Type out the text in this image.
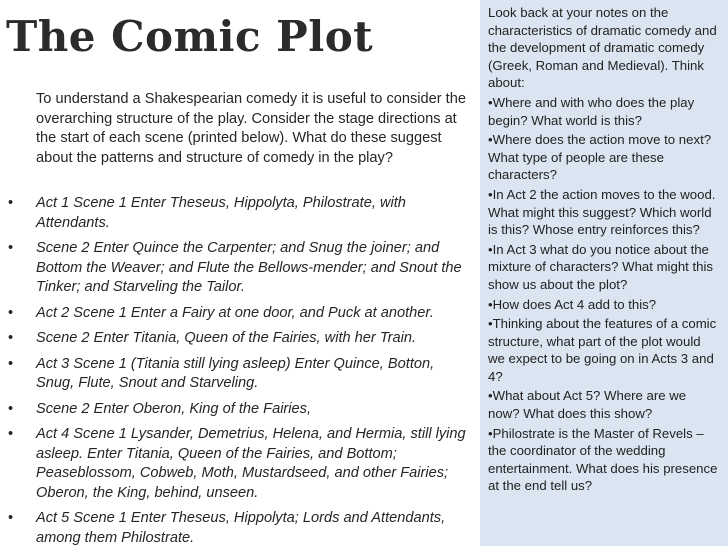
The Comic Plot

To understand a Shakespearian comedy it is useful to consider the overarching structure of the play. Consider the stage directions at the start of each scene (printed below). What do these suggest about the patterns and structure of comedy in the play?

• Act 1 Scene 1 Enter Theseus, Hippolyta, Philostrate, with Attendants.
• Scene 2 Enter Quince the Carpenter; and Snug the joiner; and Bottom the Weaver; and Flute the Bellows-mender; and Snout the Tinker; and Starveling the Tailor.
• Act 2 Scene 1 Enter a Fairy at one door, and Puck at another.
• Scene 2 Enter Titania, Queen of the Fairies, with her Train.
• Act 3 Scene 1 (Titania still lying asleep) Enter Quince, Botton, Snug, Flute, Snout and Starveling.
• Scene 2 Enter Oberon, King of the Fairies,
• Act 4 Scene 1 Lysander, Demetrius, Helena, and Hermia, still lying asleep. Enter Titania, Queen of the Fairies, and Bottom; Peaseblossom, Cobweb, Moth, Mustardseed, and other Fairies; Oberon, the King, behind, unseen.
• Act 5 Scene 1 Enter Theseus, Hippolyta; Lords and Attendants, among them Philostrate.

Look back at your notes on the characteristics of dramatic comedy and the development of dramatic comedy (Greek, Roman and Medieval). Think about:

•Where and with who does the play begin? What world is this?

•Where does the action move to next? What type of people are these characters?

•In Act 2 the action moves to the wood. What might this suggest? Which world is this? Whose entry reinforces this?

•In Act 3 what do you notice about the mixture of characters? What might this show us about the plot?

•How does Act 4 add to this?

•Thinking about the features of a comic structure, what part of the plot would we expect to be going on in Acts 3 and 4?

•What about Act 5? Where are we now? What does this show?

•Philostrate is the Master of Revels – the coordinator of the wedding entertainment. What does his presence at the end tell us?
